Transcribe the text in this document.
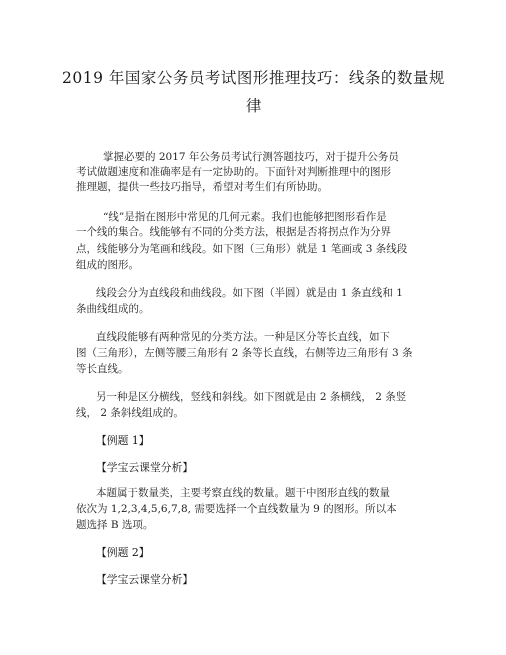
2019 年国家公务员考试图形推理技巧：线条的数量规
律
掌握必要的 2017 年公务员考试行测答题技巧，对于提升公务员
考试做题速度和准确率是有一定协助的。下面针对判断推理中的图形
推理题，提供一些技巧指导，希望对考生们有所协助。
“线”是指在图形中常见的几何元素。我们也能够把图形看作是
一个线的集合。线能够有不同的分类方法，根据是否将拐点作为分界
点，线能够分为笔画和线段。如下图（三角形）就是 1 笔画或 3 条线段
组成的图形。
线段会分为直线段和曲线段。如下图（半圆）就是由 1 条直线和 1
条曲线组成的。
直线段能够有两种常见的分类方法。一种是区分等长直线，如下
图（三角形），左侧等腰三角形有 2 条等长直线，右侧等边三角形有 3 条
等长直线。
另一种是区分横线，竖线和斜线。如下图就是由 2 条横线， 2 条竖
线， 2 条斜线组成的。
【例题 1】
【学宝云课堂分析】
本题属于数量类，主要考察直线的数量。题干中图形直线的数量
依次为 1,2,3,4,5,6,7,8, 需要选择一个直线数量为 9 的图形。所以本
题选择 B 选项。
【例题 2】
【学宝云课堂分析】
